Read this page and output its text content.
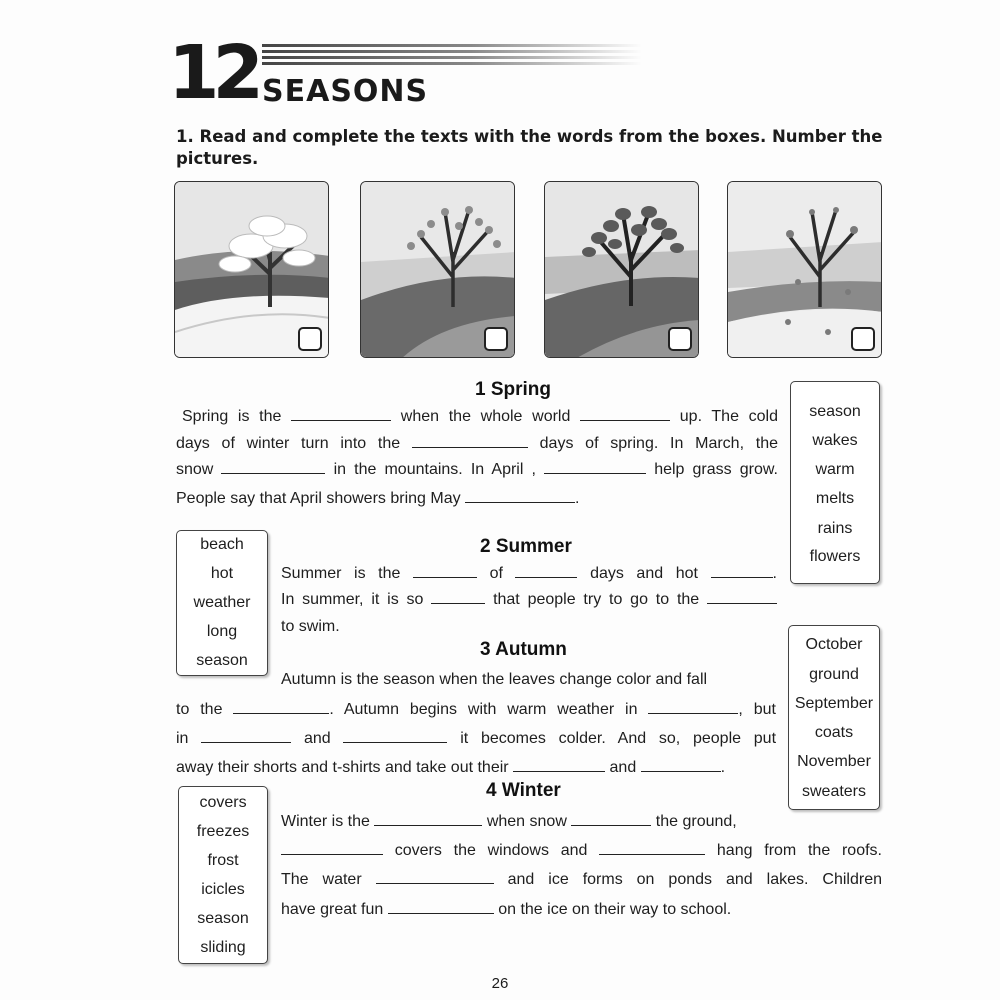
12 SEASONS
1. Read and complete the texts with the words from the boxes. Number the pictures.
1 Spring
Spring is the	when the whole world	up. The cold
days of winter turn into the	days of spring. In March, the
snow	in the mountains. In April ,	help grass grow.
People say that April showers bring May	.
season
wakes
warm
melts
rains
flowers
beach
hot
weather
long
season
2 Summer
Summer is the	of	days and hot	.
In summer, it is so	that people try to go to the
to swim.
3 Autumn	October
ground
September
coats
November
sweaters
Autumn is the season when the leaves change color and fall
to the	. Autumn begins with warm weather in	, but
in	and	it becomes colder. And so, people put
away their shorts and t-shirts and take out their	and	.
4 Winter
covers
freezes
frost
icicles
season
sliding
Winter is the	when snow	the ground,
covers the windows and	hang from the roofs.
The water	and ice forms on ponds and lakes. Children
have great fun	on the ice on their way to school.
26
